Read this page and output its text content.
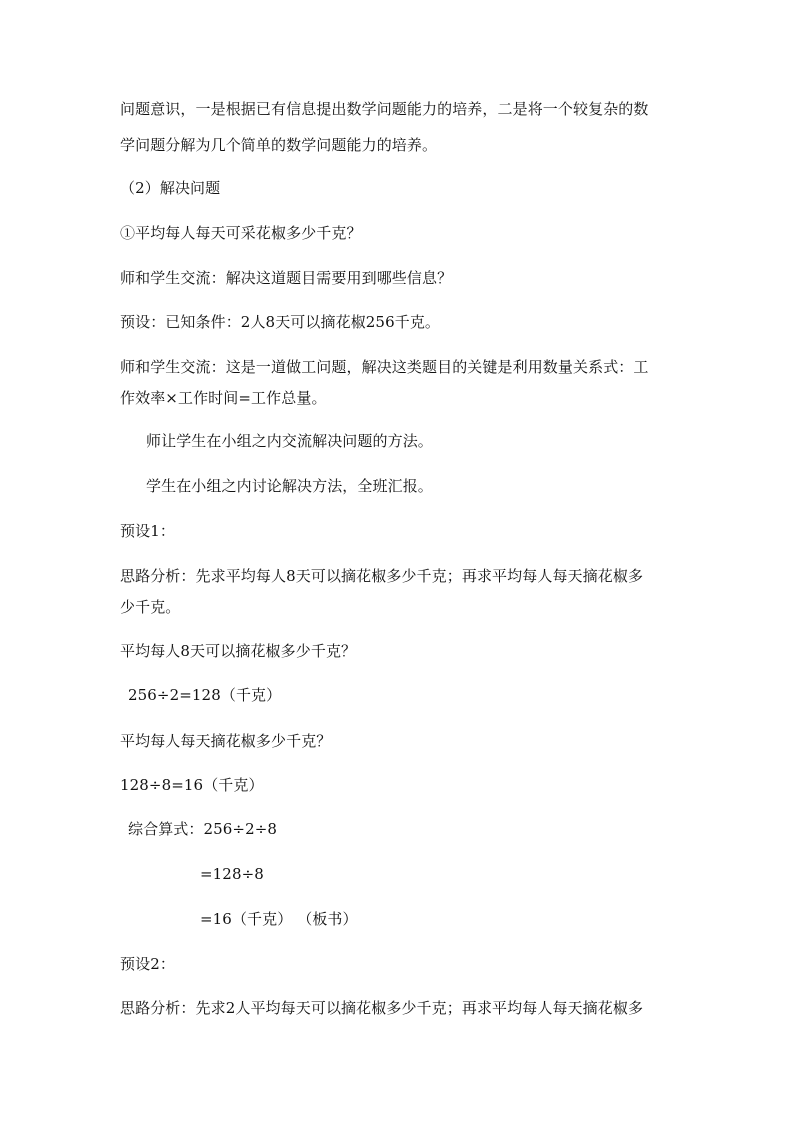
问题意识，一是根据已有信息提出数学问题能力的培养，二是将一个较复杂的数
学问题分解为几个简单的数学问题能力的培养。
（2）解决问题
①平均每人每天可采花椒多少千克？
师和学生交流：解决这道题目需要用到哪些信息？
预设：已知条件：2人8天可以摘花椒256千克。
师和学生交流：这是一道做工问题，解决这类题目的关键是利用数量关系式：工
作效率×工作时间=工作总量。
师让学生在小组之内交流解决问题的方法。
学生在小组之内讨论解决方法，全班汇报。
预设1：
思路分析：先求平均每人8天可以摘花椒多少千克；再求平均每人每天摘花椒多
少千克。
平均每人8天可以摘花椒多少千克？
256÷2=128（千克）
平均每人每天摘花椒多少千克？
128÷8=16（千克）
综合算式：256÷2÷8
=128÷8
=16（千克） （板书）
预设2：
思路分析：先求2人平均每天可以摘花椒多少千克；再求平均每人每天摘花椒多
